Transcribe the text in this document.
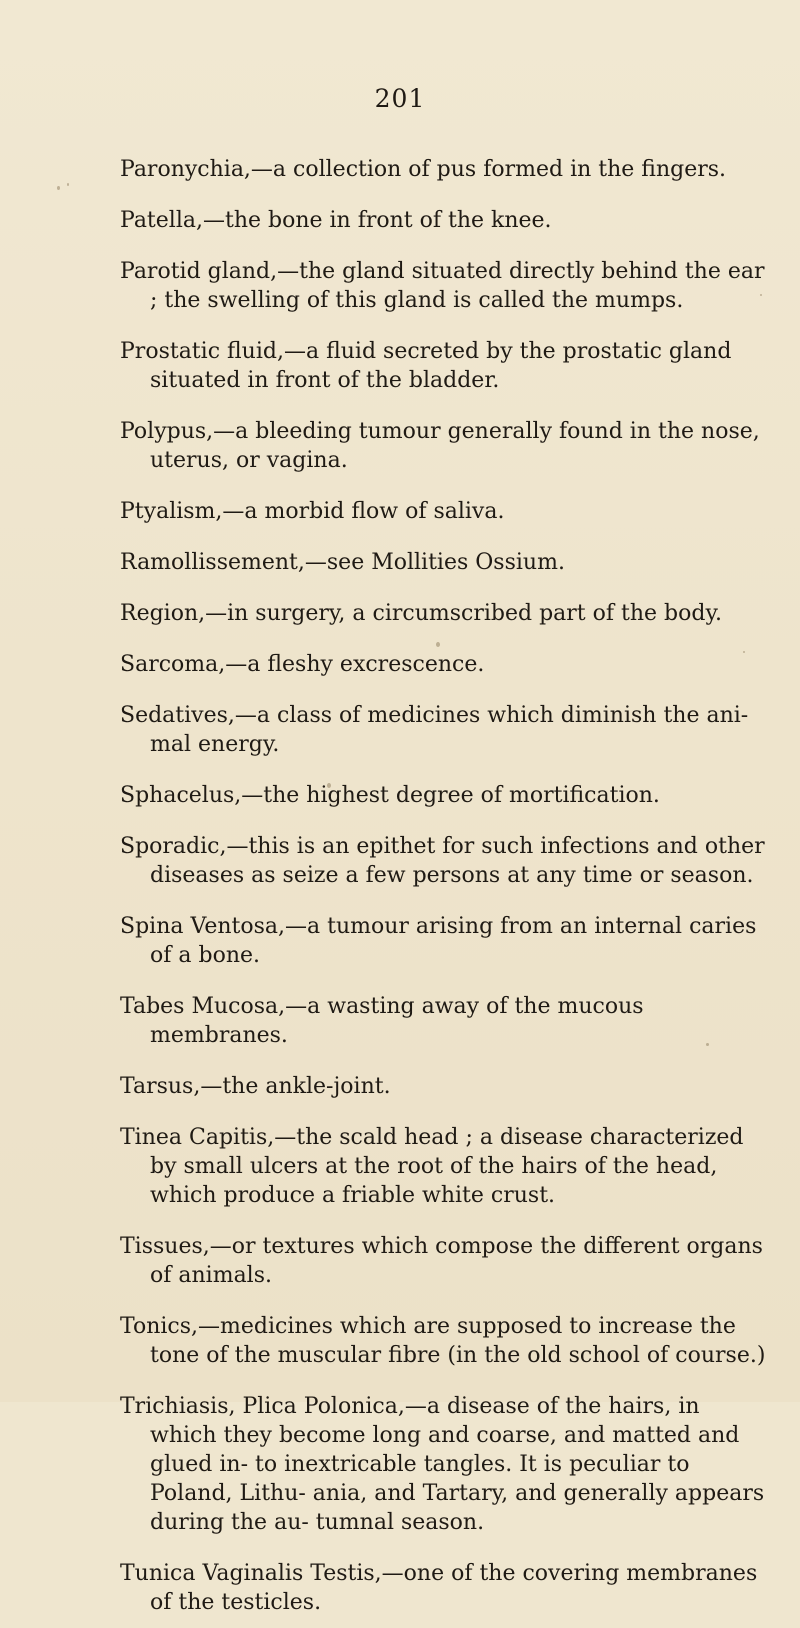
201

Paronychia,—a collection of pus formed in the fingers.

Patella,—the bone in front of the knee.

Parotid gland,—the gland situated directly behind the ear ; the swelling of this gland is called the mumps.

Prostatic fluid,—a fluid secreted by the prostatic gland situated in front of the bladder.

Polypus,—a bleeding tumour generally found in the nose, uterus, or vagina.

Ptyalism,—a morbid flow of saliva.

Ramollissement,—see Mollities Ossium.

Region,—in surgery, a circumscribed part of the body.

Sarcoma,—a fleshy excrescence.

Sedatives,—a class of medicines which diminish the ani- mal energy.

Sphacelus,—the highest degree of mortification.

Sporadic,—this is an epithet for such infections and other diseases as seize a few persons at any time or season.

Spina Ventosa,—a tumour arising from an internal caries of a bone.

Tabes Mucosa,—a wasting away of the mucous membranes.

Tarsus,—the ankle-joint.

Tinea Capitis,—the scald head ; a disease characterized by small ulcers at the root of the hairs of the head, which produce a friable white crust.

Tissues,—or textures which compose the different organs of animals.

Tonics,—medicines which are supposed to increase the tone of the muscular fibre (in the old school of course.)

Trichiasis, Plica Polonica,—a disease of the hairs, in which they become long and coarse, and matted and glued in- to inextricable tangles. It is peculiar to Poland, Lithu- ania, and Tartary, and generally appears during the au- tumnal season.

Tunica Vaginalis Testis,—one of the covering membranes of the testicles.
